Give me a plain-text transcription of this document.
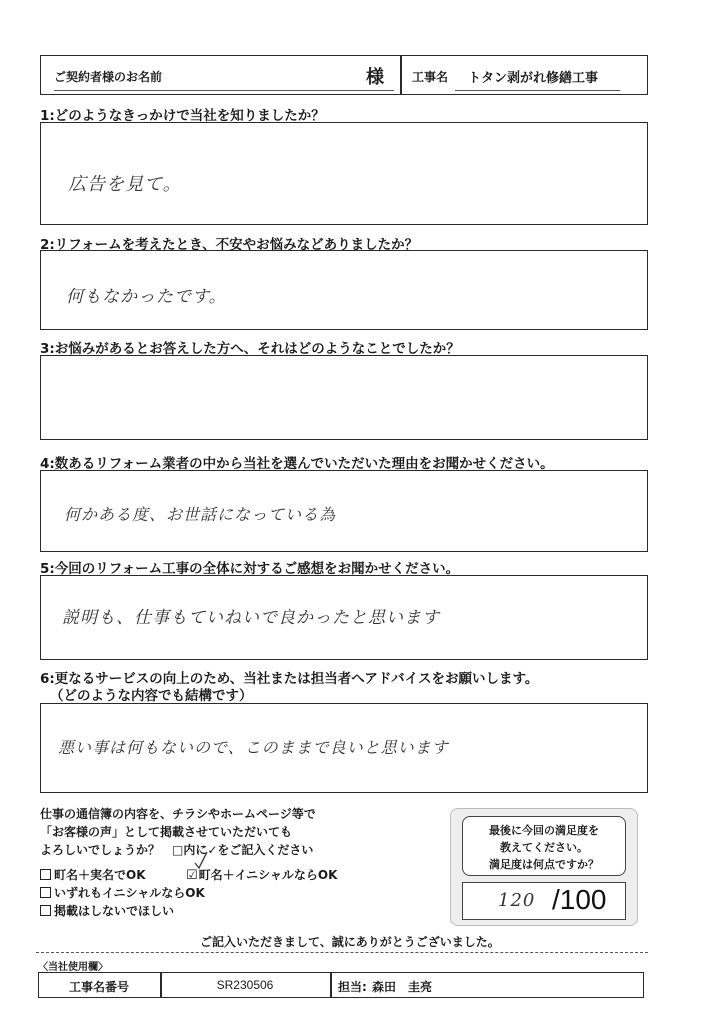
ご契約者様のお名前	様 工事名 トタン剥がれ修繕工事
1:どのようなきっかけで当社を知りましたか？
広告を見て。
2:リフォームを考えたとき、不安やお悩みなどありましたか？
何もなかったです。
3:お悩みがあるとお答えした方へ、それはどのようなことでしたか？
4:数あるリフォーム業者の中から当社を選んでいただいた理由をお聞かせください。
何かある度、お世話になっている為
5:今回のリフォーム工事の全体に対するご感想をお聞かせください。
説明も、仕事もていねいで良かったと思います
6:更なるサービスの向上のため、当社または担当者へアドバイスをお願いします。
（どのような内容でも結構です）
悪い事は何もないので、このままで良いと思います
仕事の通信簿の内容を、チラシやホームページ等で
「お客様の声」として掲載させていただいても
よろしいでしょうか？　□内に✓をご記入ください
町名＋実名でOK	☑町名＋イニシャルならOK
いずれもイニシャルならOK
掲載はしないでほしい
最後に今回の満足度を
教えてください。
満足度は何点ですか？
120 /100
ご記入いただきまして、誠にありがとうございました。
〈当社使用欄〉
工事名番号	SR230506	担当: 森田　圭亮
